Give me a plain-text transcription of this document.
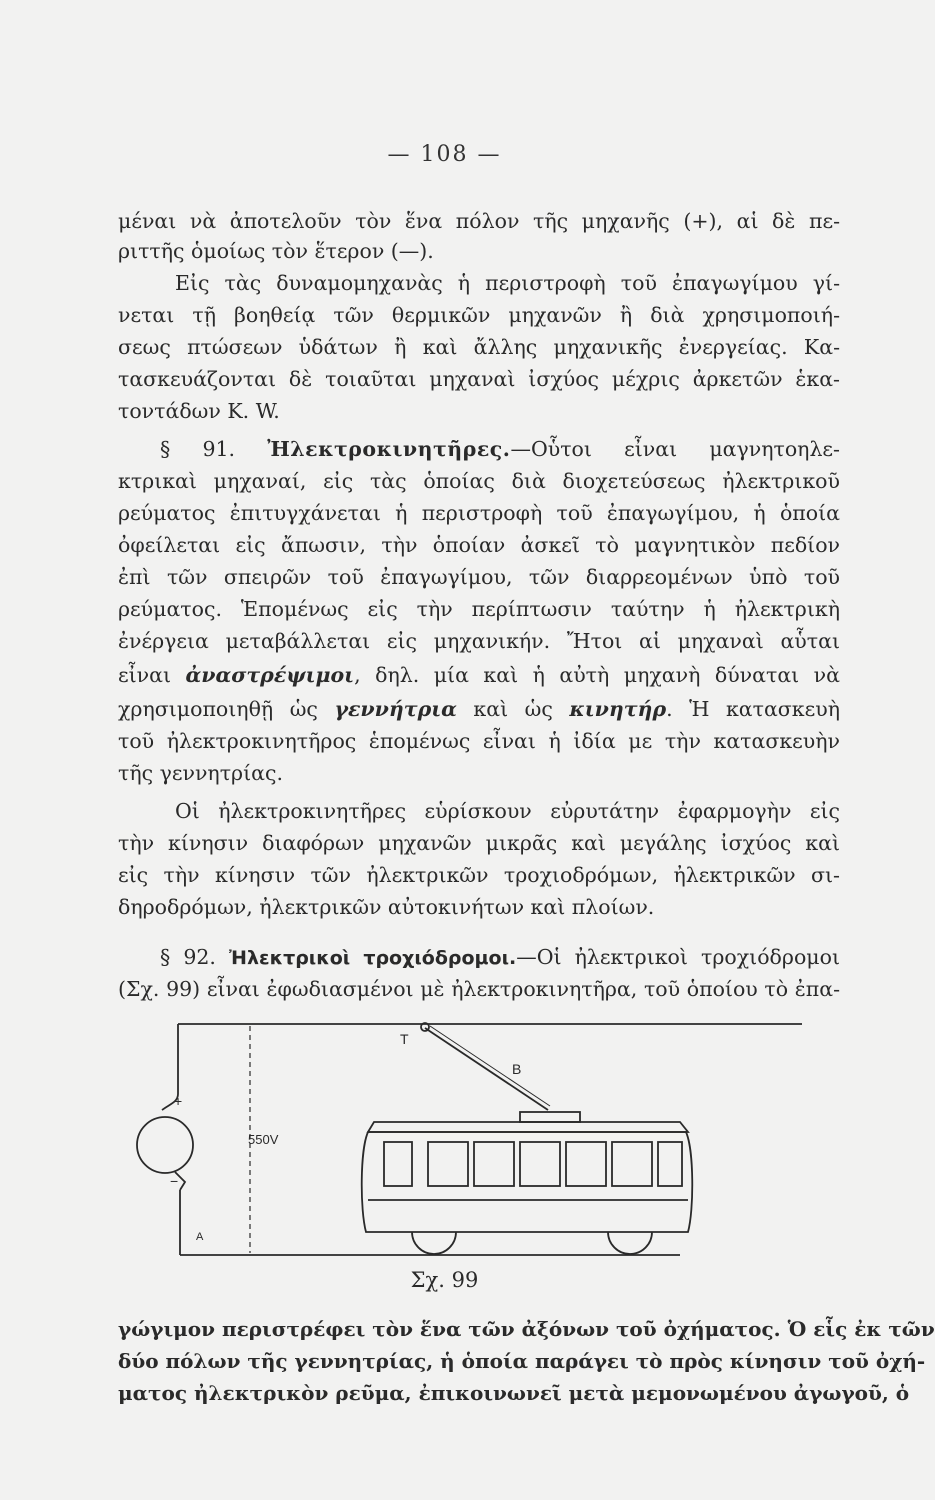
— 108 —
μέναι νὰ ἀποτελοῦν τὸν ἕνα πόλον τῆς μηχανῆς (+), αἱ δὲ πε-
ριττῆς ὁμοίως τὸν ἕτερον (—).
Εἰς τὰς δυναμομηχανὰς ἡ περιστροφὴ τοῦ ἐπαγωγίμου γί-
νεται τῇ βοηθείᾳ τῶν θερμικῶν μηχανῶν ἢ διὰ χρησιμοποιή-
σεως πτώσεων ὑδάτων ἢ καὶ ἄλλης μηχανικῆς ἐνεργείας. Κα-
τασκευάζονται δὲ τοιαῦται μηχαναὶ ἰσχύος μέχρις ἀρκετῶν ἑκα-
τοντάδων Κ. W.
§ 91. Ἠλεκτροκινητῆρες.—Οὗτοι εἶναι μαγνητοηλε-
κτρικαὶ μηχαναί, εἰς τὰς ὁποίας διὰ διοχετεύσεως ἠλεκτρικοῦ
ρεύματος ἐπιτυγχάνεται ἡ περιστροφὴ τοῦ ἐπαγωγίμου, ἡ ὁποία
ὀφείλεται εἰς ἄπωσιν, τὴν ὁποίαν ἀσκεῖ τὸ μαγνητικὸν πεδίον
ἐπὶ τῶν σπειρῶν τοῦ ἐπαγωγίμου, τῶν διαρρεομένων ὑπὸ τοῦ
ρεύματος. Ἑπομένως εἰς τὴν περίπτωσιν ταύτην ἡ ἠλεκτρικὴ
ἐνέργεια μεταβάλλεται εἰς μηχανικήν. Ἤτοι αἱ μηχαναὶ αὗται
εἶναι ἀναστρέψιμοι, δηλ. μία καὶ ἡ αὐτὴ μηχανὴ δύναται νὰ
χρησιμοποιηθῇ ὡς γεννήτρια καὶ ὡς κινητήρ. Ἡ κατασκευὴ
τοῦ ἠλεκτροκινητῆρος ἑπομένως εἶναι ἡ ἰδία με τὴν κατασκευὴν
τῆς γεννητρίας.
Οἱ ἠλεκτροκινητῆρες εὑρίσκουν εὐρυτάτην ἐφαρμογὴν εἰς
τὴν κίνησιν διαφόρων μηχανῶν μικρᾶς καὶ μεγάλης ἰσχύος καὶ
εἰς τὴν κίνησιν τῶν ἠλεκτρικῶν τροχιοδρόμων, ἠλεκτρικῶν σι-
δηροδρόμων, ἠλεκτρικῶν αὐτοκινήτων καὶ πλοίων.
§ 92. Ἠλεκτρικοὶ τροχιόδρομοι.—Οἱ ἠλεκτρικοὶ τροχιόδρομοι
(Σχ. 99) εἶναι ἐφωδιασμένοι μὲ ἠλεκτροκινητῆρα, τοῦ ὁποίου τὸ ἐπα-
T
B
+
−
550V
A
Σχ. 99
γώγιμον περιστρέφει τὸν ἕνα τῶν ἀξόνων τοῦ ὀχήματος. Ὁ εἷς ἐκ τῶν
δύο πόλων τῆς γεννητρίας, ἡ ὁποία παράγει τὸ πρὸς κίνησιν τοῦ ὀχή-
ματος ἠλεκτρικὸν ρεῦμα, ἐπικοινωνεῖ μετὰ μεμονωμένου ἀγωγοῦ, ὁ
